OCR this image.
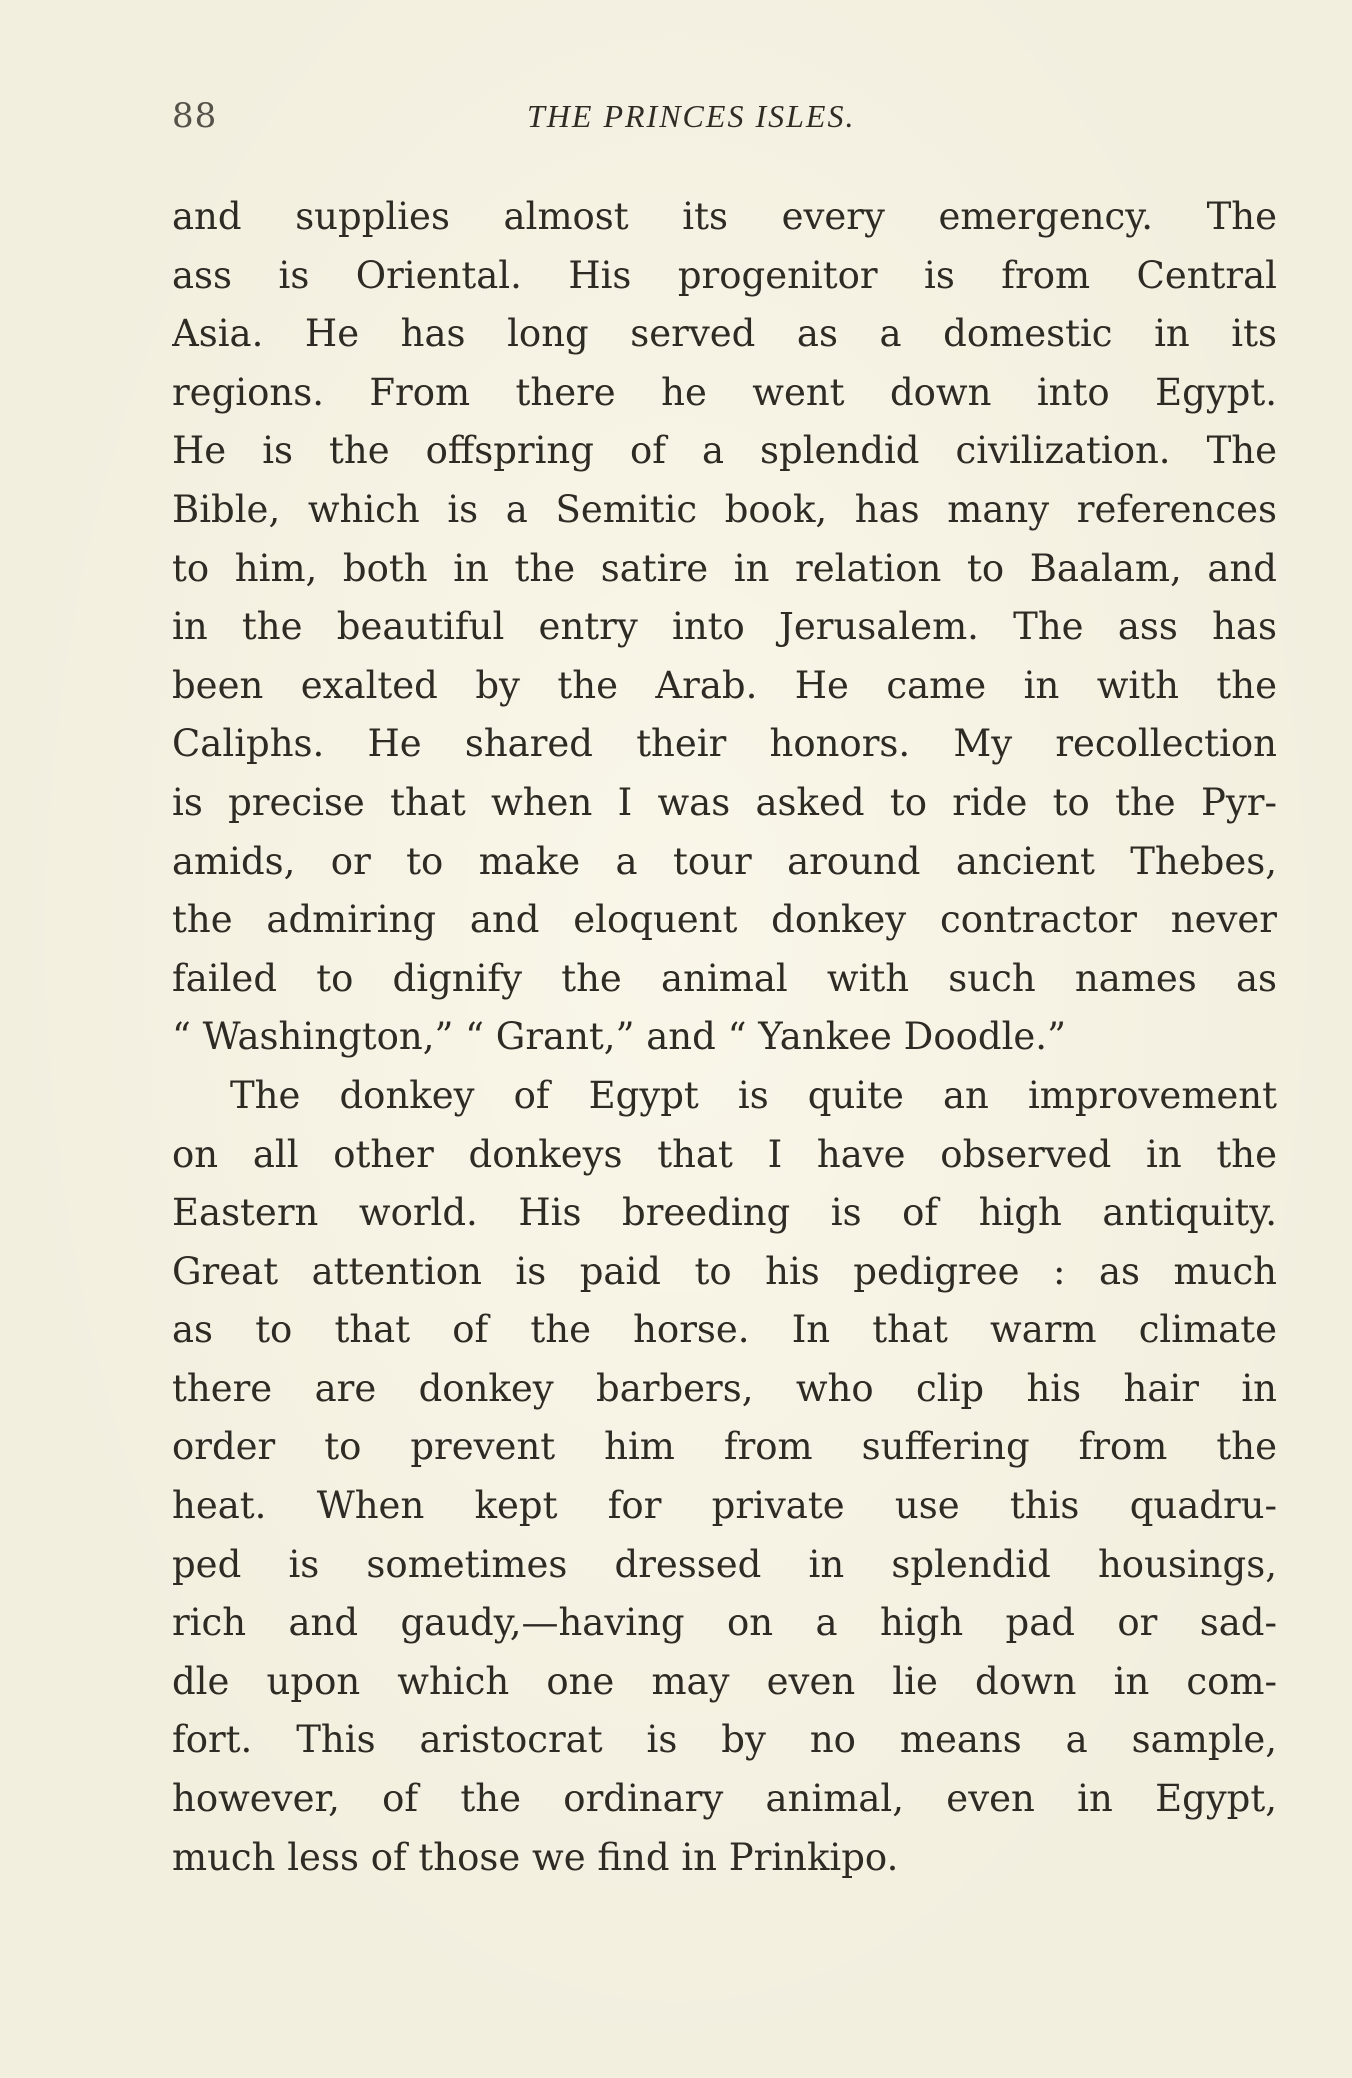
88	THE PRINCES ISLES.
and supplies almost its every emergency. The
ass is Oriental. His progenitor is from Central
Asia. He has long served as a domestic in its
regions. From there he went down into Egypt.
He is the offspring of a splendid civilization. The
Bible, which is a Semitic book, has many references
to him, both in the satire in relation to Baalam, and
in the beautiful entry into Jerusalem. The ass has
been exalted by the Arab. He came in with the
Caliphs. He shared their honors. My recollection
is precise that when I was asked to ride to the Pyr-
amids, or to make a tour around ancient Thebes,
the admiring and eloquent donkey contractor never
failed to dignify the animal with such names as
“ Washington,” “ Grant,” and “ Yankee Doodle.”
The donkey of Egypt is quite an improvement
on all other donkeys that I have observed in the
Eastern world. His breeding is of high antiquity.
Great attention is paid to his pedigree : as much
as to that of the horse. In that warm climate
there are donkey barbers, who clip his hair in
order to prevent him from suffering from the
heat. When kept for private use this quadru-
ped is sometimes dressed in splendid housings,
rich and gaudy,—having on a high pad or sad-
dle upon which one may even lie down in com-
fort. This aristocrat is by no means a sample,
however, of the ordinary animal, even in Egypt,
much less of those we find in Prinkipo.
